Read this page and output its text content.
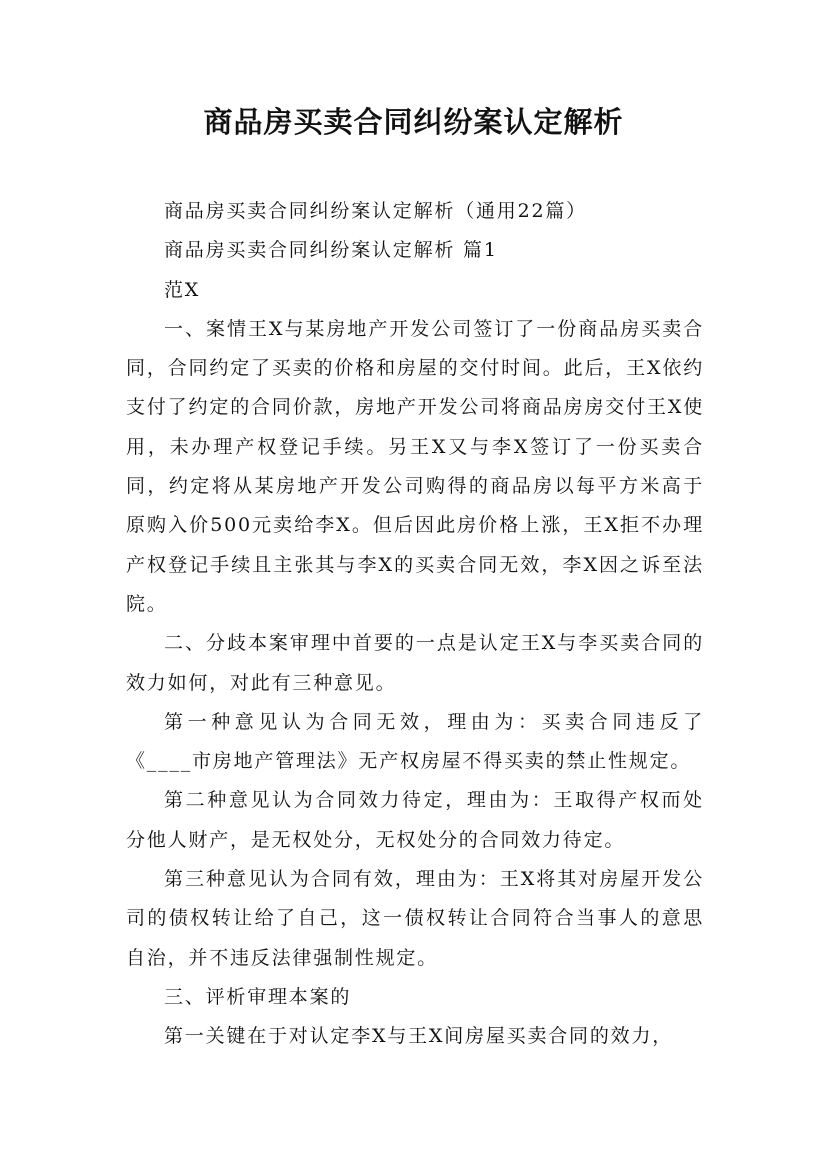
商品房买卖合同纠纷案认定解析

商品房买卖合同纠纷案认定解析（通用22篇）

商品房买卖合同纠纷案认定解析 篇1

范X

一、案情王X与某房地产开发公司签订了一份商品房买卖合同，合同约定了买卖的价格和房屋的交付时间。此后，王X依约支付了约定的合同价款，房地产开发公司将商品房房交付王X使用，未办理产权登记手续。另王X又与李X签订了一份买卖合同，约定将从某房地产开发公司购得的商品房以每平方米高于原购入价500元卖给李X。但后因此房价格上涨，王X拒不办理产权登记手续且主张其与李X的买卖合同无效，李X因之诉至法院。

二、分歧本案审理中首要的一点是认定王X与李买卖合同的效力如何，对此有三种意见。

第一种意见认为合同无效，理由为：买卖合同违反了《____市房地产管理法》无产权房屋不得买卖的禁止性规定。

第二种意见认为合同效力待定，理由为：王取得产权而处分他人财产，是无权处分，无权处分的合同效力待定。

第三种意见认为合同有效，理由为：王X将其对房屋开发公司的债权转让给了自己，这一债权转让合同符合当事人的意思自治，并不违反法律强制性规定。

三、评析审理本案的

第一关键在于对认定李X与王X间房屋买卖合同的效力，
